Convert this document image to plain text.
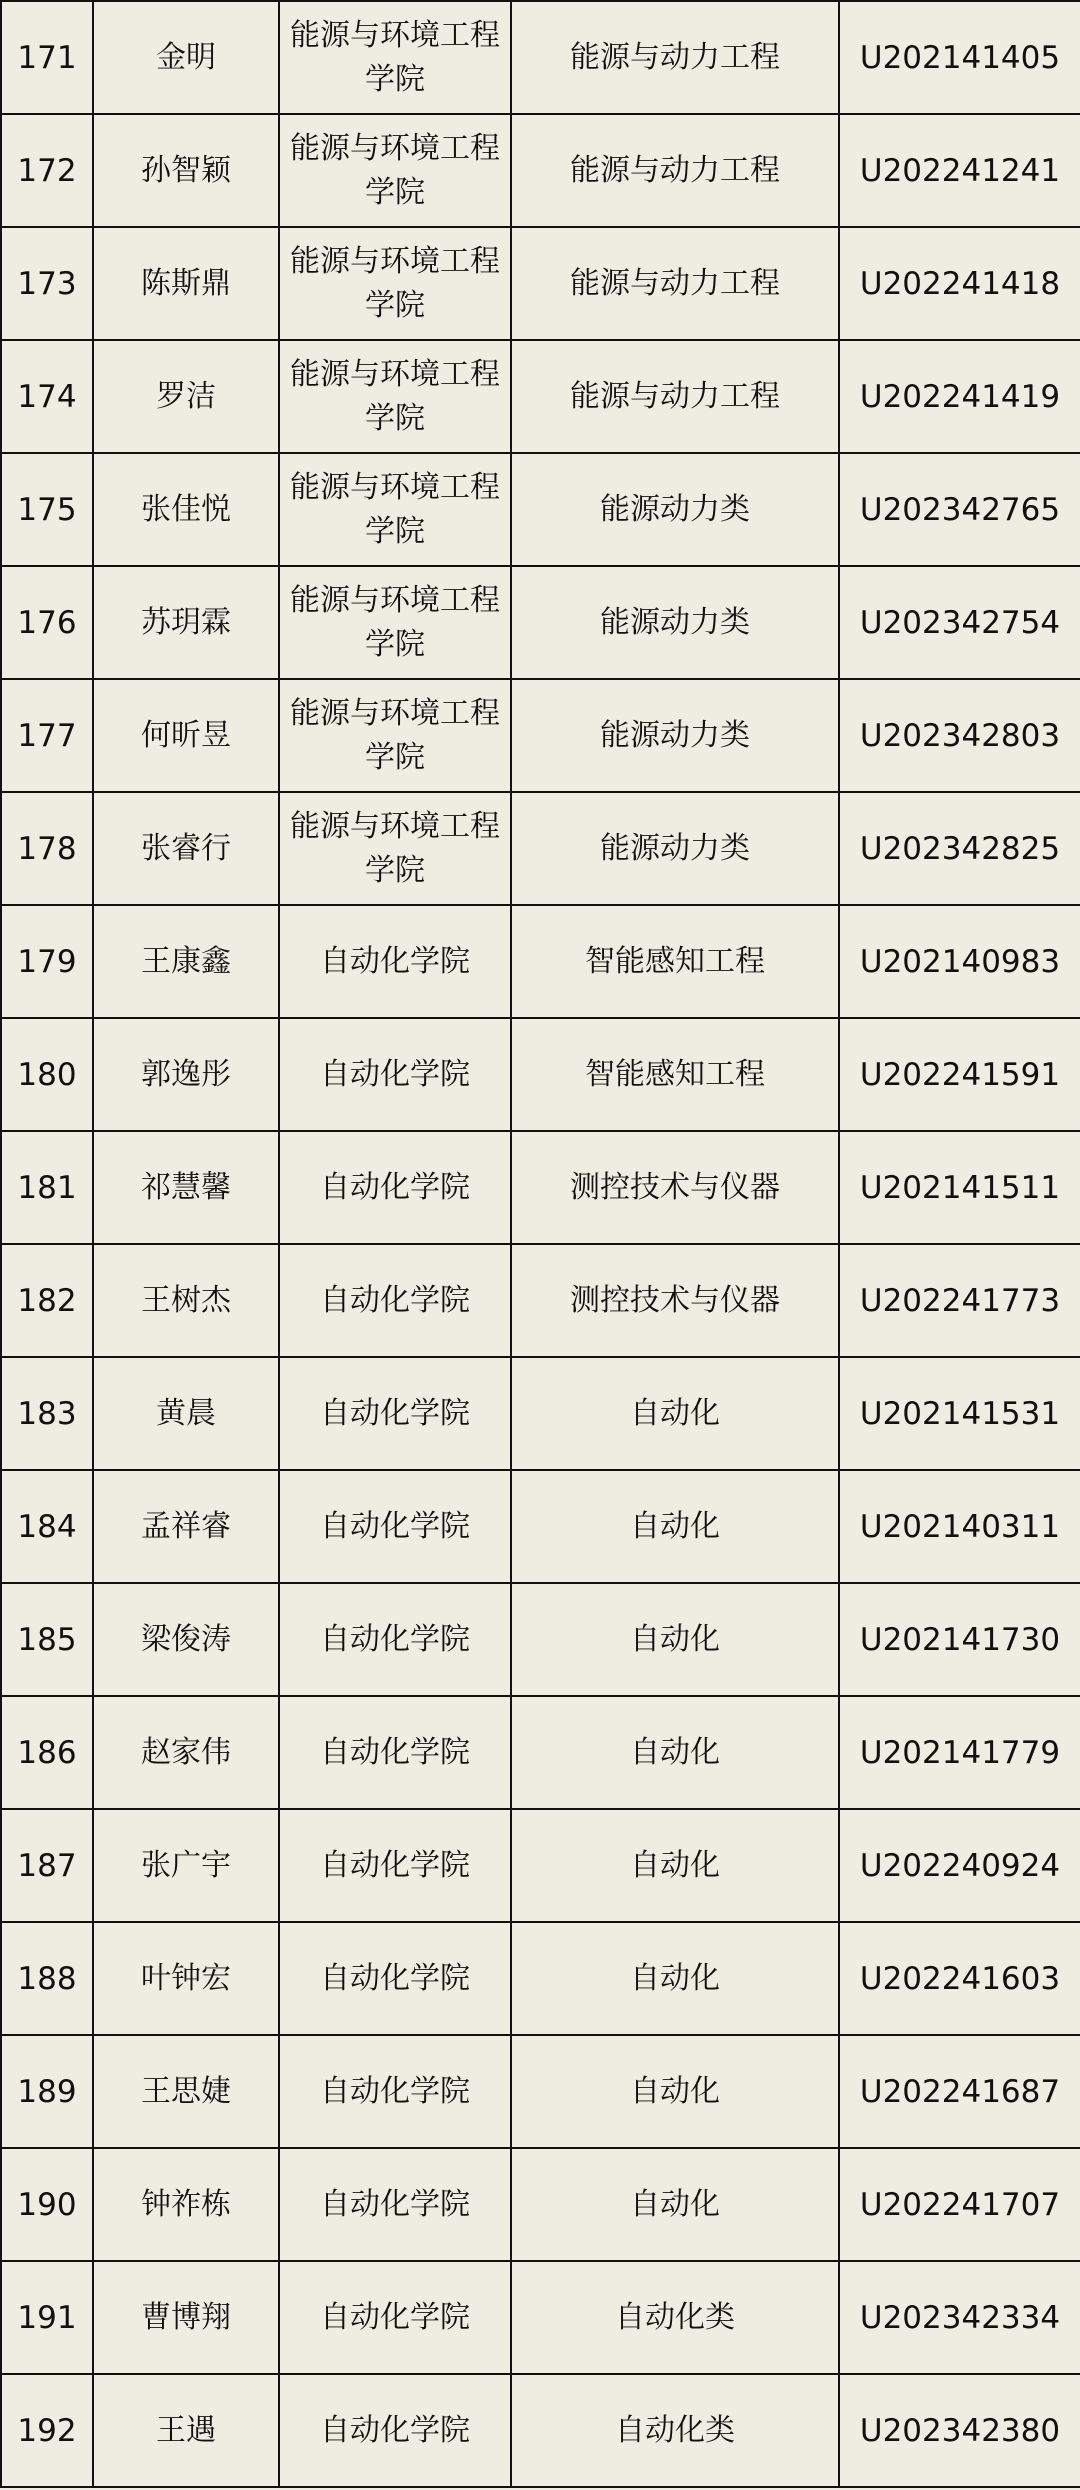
171	金明	能源与环境工程学院	能源与动力工程	U202141405
172	孙智颖	能源与环境工程学院	能源与动力工程	U202241241
173	陈斯鼎	能源与环境工程学院	能源与动力工程	U202241418
174	罗洁	能源与环境工程学院	能源与动力工程	U202241419
175	张佳悦	能源与环境工程学院	能源动力类	U202342765
176	苏玥霖	能源与环境工程学院	能源动力类	U202342754
177	何昕昱	能源与环境工程学院	能源动力类	U202342803
178	张睿行	能源与环境工程学院	能源动力类	U202342825
179	王康鑫	自动化学院	智能感知工程	U202140983
180	郭逸彤	自动化学院	智能感知工程	U202241591
181	祁慧馨	自动化学院	测控技术与仪器	U202141511
182	王树杰	自动化学院	测控技术与仪器	U202241773
183	黄晨	自动化学院	自动化	U202141531
184	孟祥睿	自动化学院	自动化	U202140311
185	梁俊涛	自动化学院	自动化	U202141730
186	赵家伟	自动化学院	自动化	U202141779
187	张广宇	自动化学院	自动化	U202240924
188	叶钟宏	自动化学院	自动化	U202241603
189	王思婕	自动化学院	自动化	U202241687
190	钟祚栋	自动化学院	自动化	U202241707
191	曹博翔	自动化学院	自动化类	U202342334
192	王遇	自动化学院	自动化类	U202342380
